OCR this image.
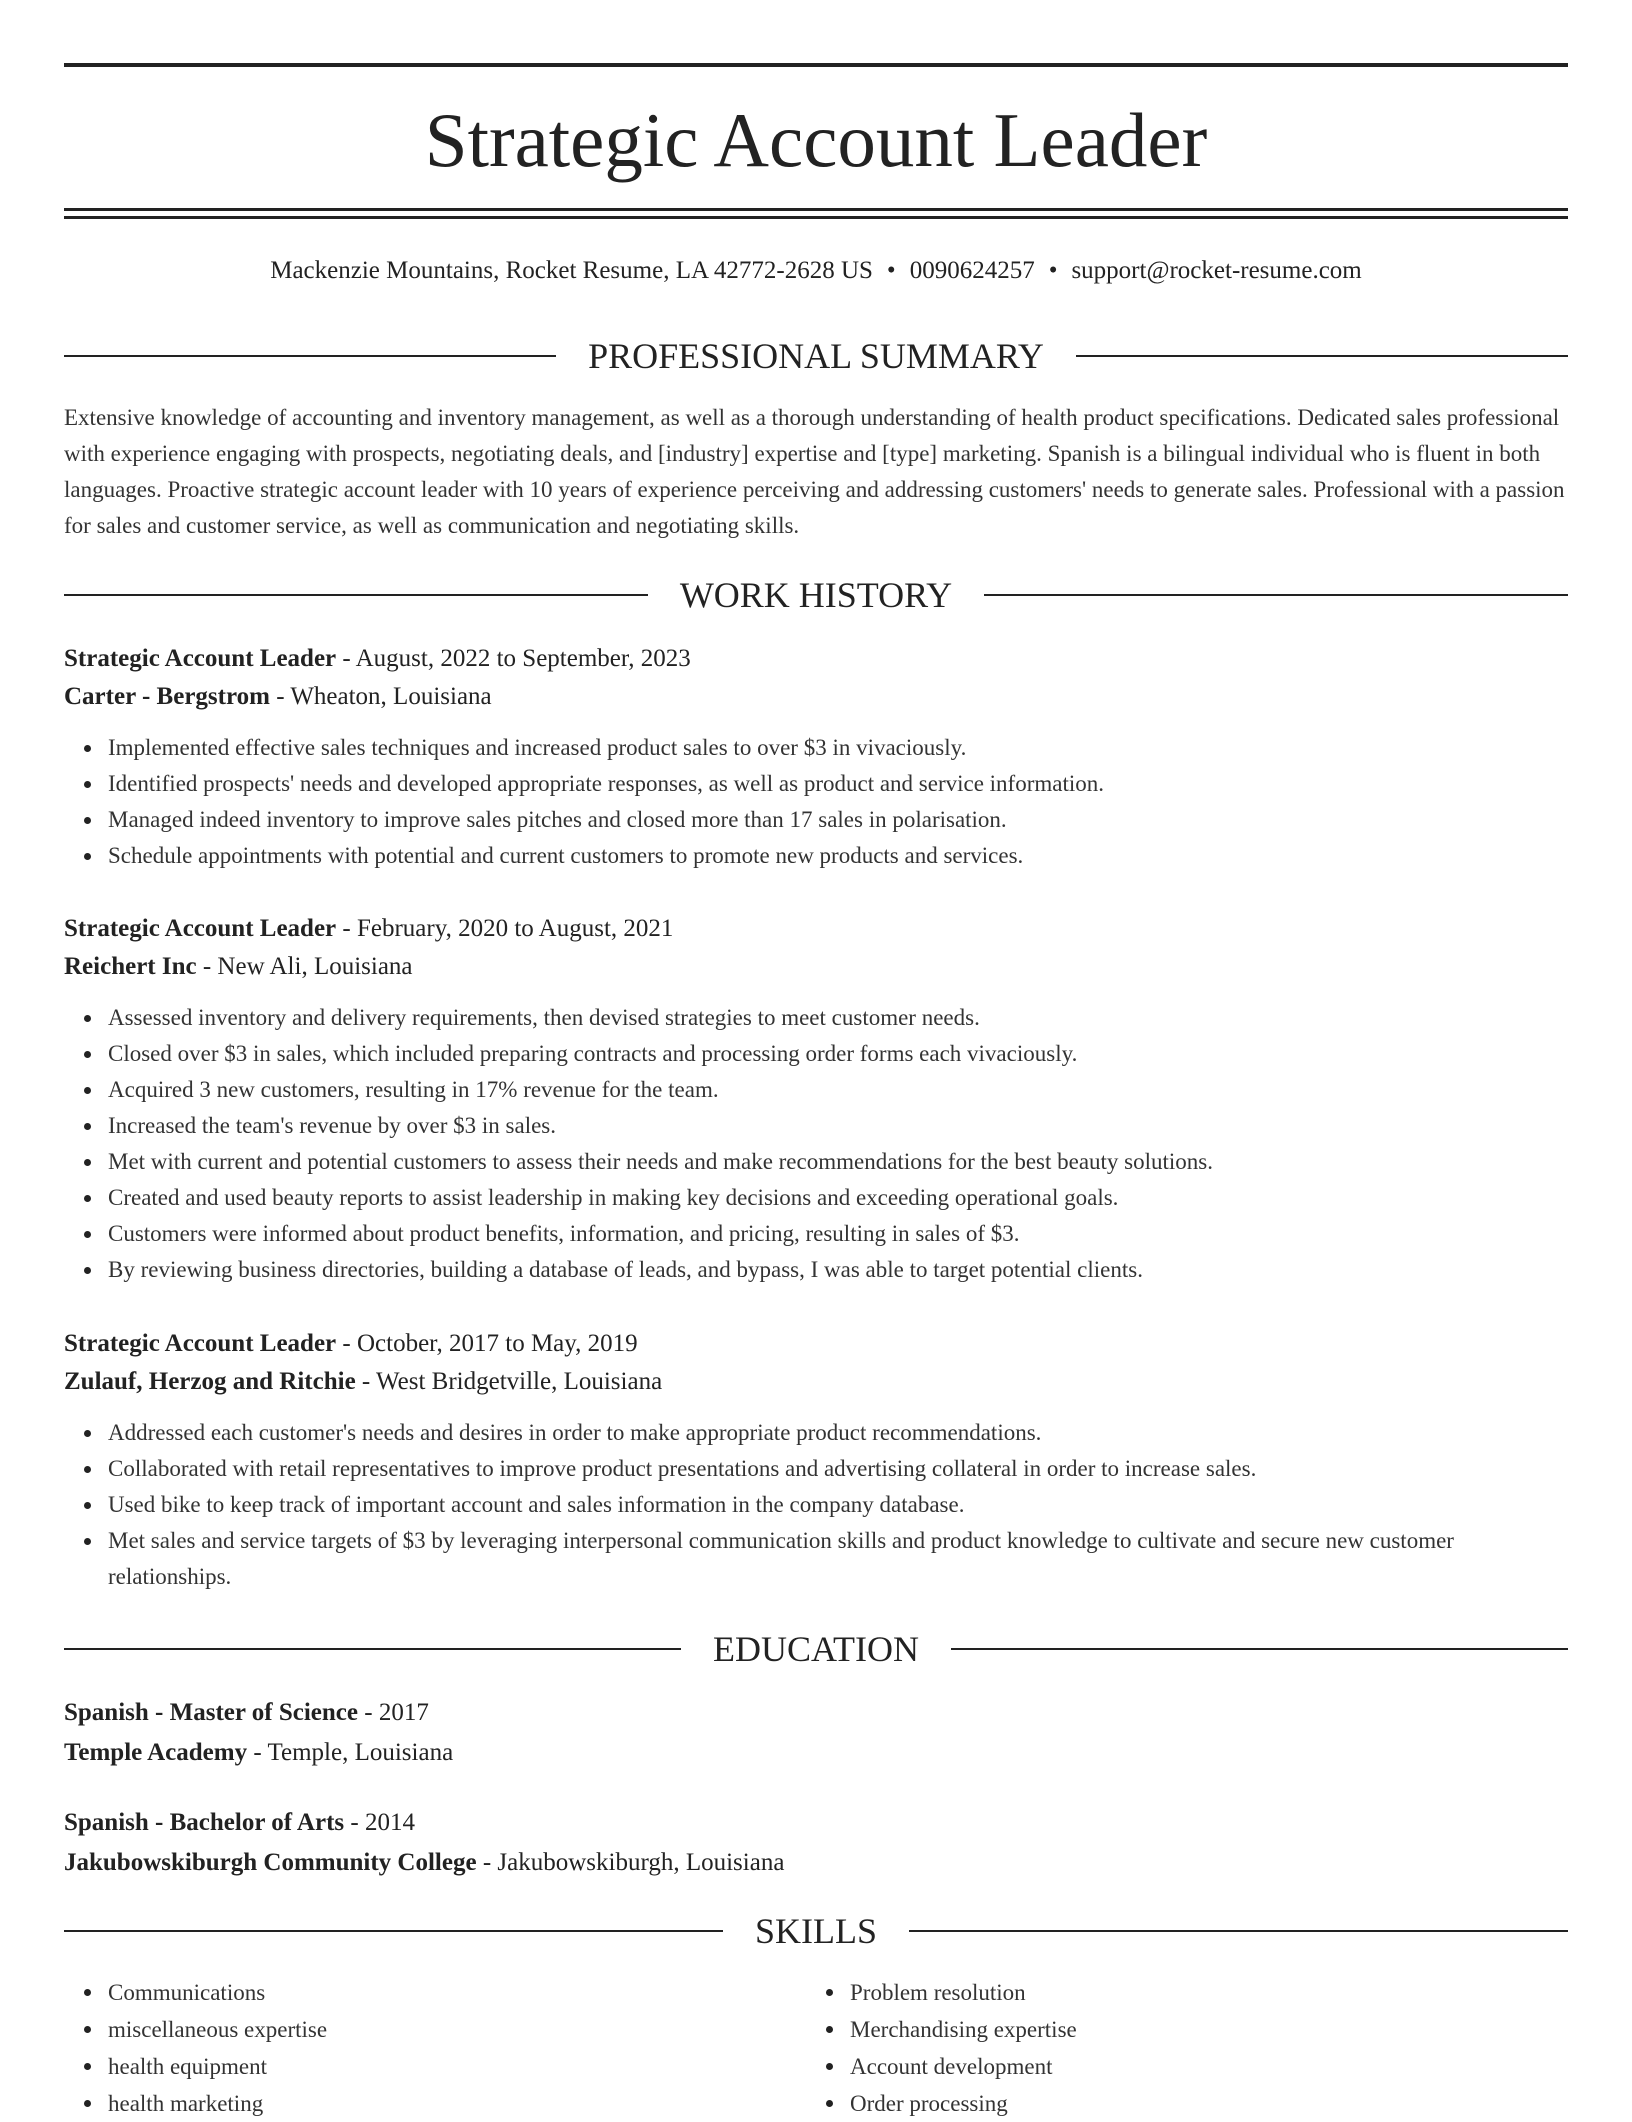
Strategic Account Leader
Mackenzie Mountains, Rocket Resume, LA 42772-2628 US • 0090624257 • support@rocket-resume.com
PROFESSIONAL SUMMARY

Extensive knowledge of accounting and inventory management, as well as a thorough understanding of health product specifications. Dedicated sales professional with experience engaging with prospects, negotiating deals, and [industry] expertise and [type] marketing. Spanish is a bilingual individual who is fluent in both languages. Proactive strategic account leader with 10 years of experience perceiving and addressing customers' needs to generate sales. Professional with a passion for sales and customer service, as well as communication and negotiating skills.

WORK HISTORY
Strategic Account Leader - August, 2022 to September, 2023
Carter - Bergstrom - Wheaton, Louisiana
Implemented effective sales techniques and increased product sales to over $3 in vivaciously.
Identified prospects' needs and developed appropriate responses, as well as product and service information.
Managed indeed inventory to improve sales pitches and closed more than 17 sales in polarisation.
Schedule appointments with potential and current customers to promote new products and services.
Strategic Account Leader - February, 2020 to August, 2021
Reichert Inc - New Ali, Louisiana
Assessed inventory and delivery requirements, then devised strategies to meet customer needs.
Closed over $3 in sales, which included preparing contracts and processing order forms each vivaciously.
Acquired 3 new customers, resulting in 17% revenue for the team.
Increased the team's revenue by over $3 in sales.
Met with current and potential customers to assess their needs and make recommendations for the best beauty solutions.
Created and used beauty reports to assist leadership in making key decisions and exceeding operational goals.
Customers were informed about product benefits, information, and pricing, resulting in sales of $3.
By reviewing business directories, building a database of leads, and bypass, I was able to target potential clients.
Strategic Account Leader - October, 2017 to May, 2019
Zulauf, Herzog and Ritchie - West Bridgetville, Louisiana
Addressed each customer's needs and desires in order to make appropriate product recommendations.
Collaborated with retail representatives to improve product presentations and advertising collateral in order to increase sales.
Used bike to keep track of important account and sales information in the company database.
Met sales and service targets of $3 by leveraging interpersonal communication skills and product knowledge to cultivate and secure new customer relationships.
EDUCATION
Spanish - Master of Science - 2017
Temple Academy - Temple, Louisiana
Spanish - Bachelor of Arts - 2014
Jakubowskiburgh Community College - Jakubowskiburgh, Louisiana
SKILLS
Communications
miscellaneous expertise
health equipment
health marketing
Problem resolution
Merchandising expertise
Account development
Order processing
